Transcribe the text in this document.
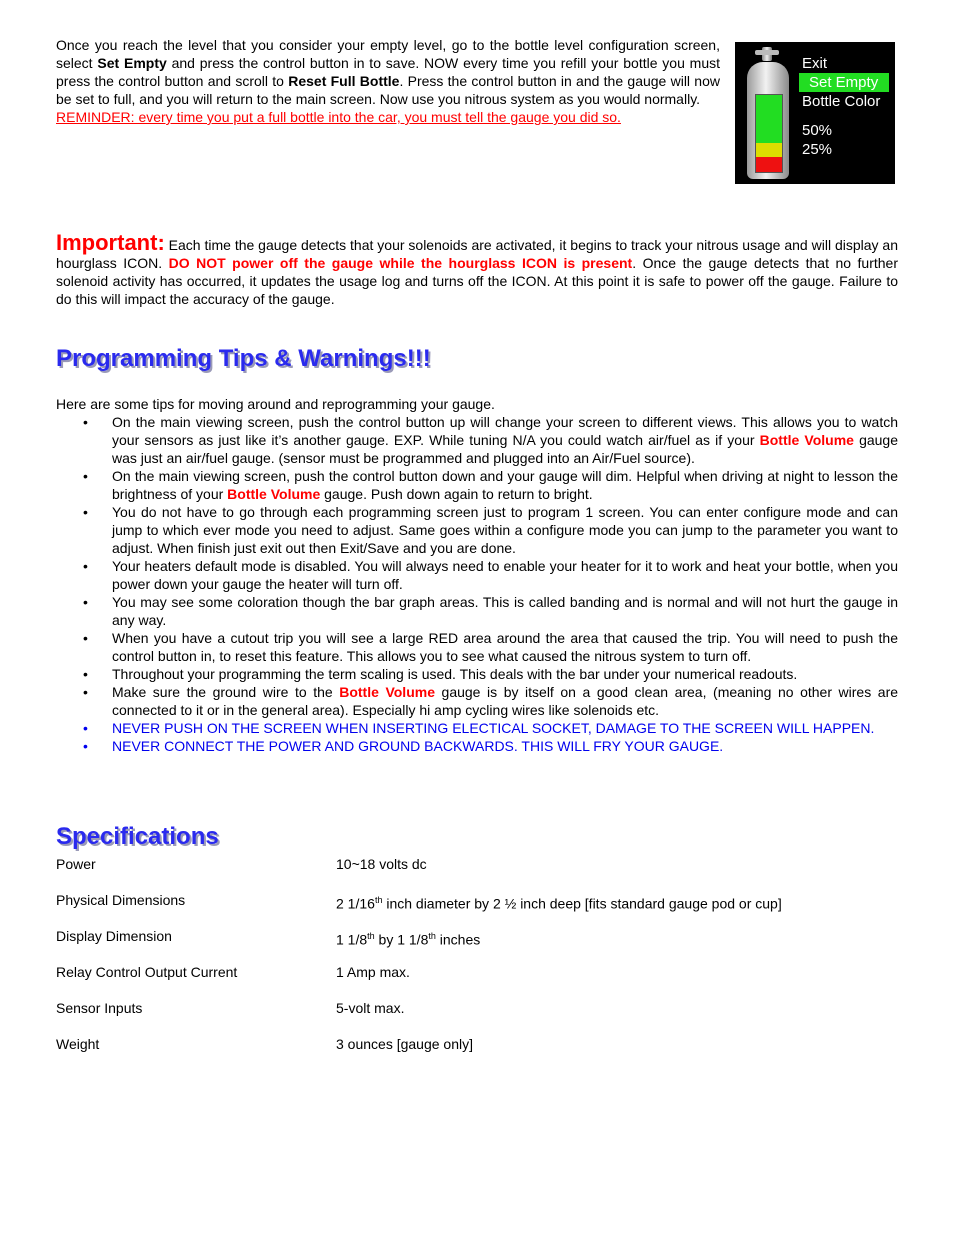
Once you reach the level that you consider your empty level, go to the bottle level configuration screen, select Set Empty and press the control button in to save. NOW every time you refill your bottle you must press the control button and scroll to Reset Full Bottle. Press the control button in and the gauge will now be set to full, and you will return to the main screen. Now use you nitrous system as you would normally.
REMINDER: every time you put a full bottle into the car, you must tell the gauge you did so.
Exit
Set Empty
Bottle Color
50%
25%
Important: Each time the gauge detects that your solenoids are activated, it begins to track your nitrous usage and will display an hourglass ICON. DO NOT power off the gauge while the hourglass ICON is present. Once the gauge detects that no further solenoid activity has occurred, it updates the usage log and turns off the ICON. At this point it is safe to power off the gauge. Failure to do this will impact the accuracy of the gauge.
Programming Tips & Warnings!!!
Here are some tips for moving around and reprogramming your gauge.
• On the main viewing screen, push the control button up will change your screen to different views. This allows you to watch your sensors as just like it’s another gauge. EXP. While tuning N/A you could watch air/fuel as if your Bottle Volume gauge was just an air/fuel gauge. (sensor must be programmed and plugged into an Air/Fuel source).
• On the main viewing screen, push the control button down and your gauge will dim. Helpful when driving at night to lesson the brightness of your Bottle Volume gauge. Push down again to return to bright.
• You do not have to go through each programming screen just to program 1 screen. You can enter configure mode and can jump to which ever mode you need to adjust. Same goes within a configure mode you can jump to the parameter you want to adjust. When finish just exit out then Exit/Save and you are done.
• Your heaters default mode is disabled. You will always need to enable your heater for it to work and heat your bottle, when you power down your gauge the heater will turn off.
• You may see some coloration though the bar graph areas. This is called banding and is normal and will not hurt the gauge in any way.
• When you have a cutout trip you will see a large RED area around the area that caused the trip. You will need to push the control button in, to reset this feature. This allows you to see what caused the nitrous system to turn off.
• Throughout your programming the term scaling is used. This deals with the bar under your numerical readouts.
• Make sure the ground wire to the Bottle Volume gauge is by itself on a good clean area, (meaning no other wires are connected to it or in the general area). Especially hi amp cycling wires like solenoids etc.
• NEVER PUSH ON THE SCREEN WHEN INSERTING ELECTICAL SOCKET, DAMAGE TO THE SCREEN WILL HAPPEN.
• NEVER CONNECT THE POWER AND GROUND BACKWARDS. THIS WILL FRY YOUR GAUGE.
Specifications
Power	10~18 volts dc
Physical Dimensions	2 1/16th inch diameter by 2 ½ inch deep [fits standard gauge pod or cup]
Display Dimension	1 1/8th by 1 1/8th inches
Relay Control Output Current	1 Amp max.
Sensor Inputs	5-volt max.
Weight	3 ounces [gauge only]
